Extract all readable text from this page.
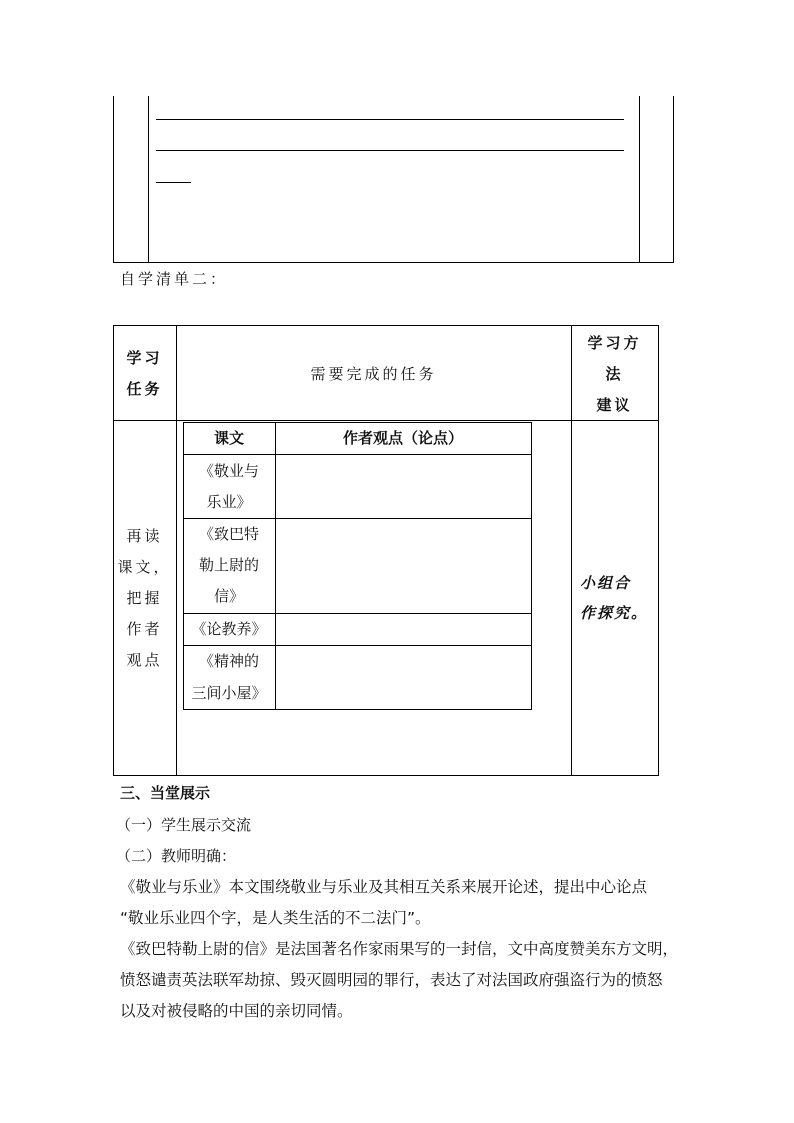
自学清单二：
学习
任务
需要完成的任务
学习方
法
建议
再读
课文，
把握
作者
观点
课文	作者观点（论点）
《敬业与
乐业》
《致巴特
勒上尉的
信》
《论教养》
《精神的
三间小屋》
小组合
作探究。
三、当堂展示
（一）学生展示交流
（二）教师明确：
《敬业与乐业》本文围绕敬业与乐业及其相互关系来展开论述，提出中心论点
“敬业乐业四个字，是人类生活的不二法门”。
《致巴特勒上尉的信》是法国著名作家雨果写的一封信，文中高度赞美东方文明，
愤怒谴责英法联军劫掠、毁灭圆明园的罪行，表达了对法国政府强盗行为的愤怒
以及对被侵略的中国的亲切同情。
